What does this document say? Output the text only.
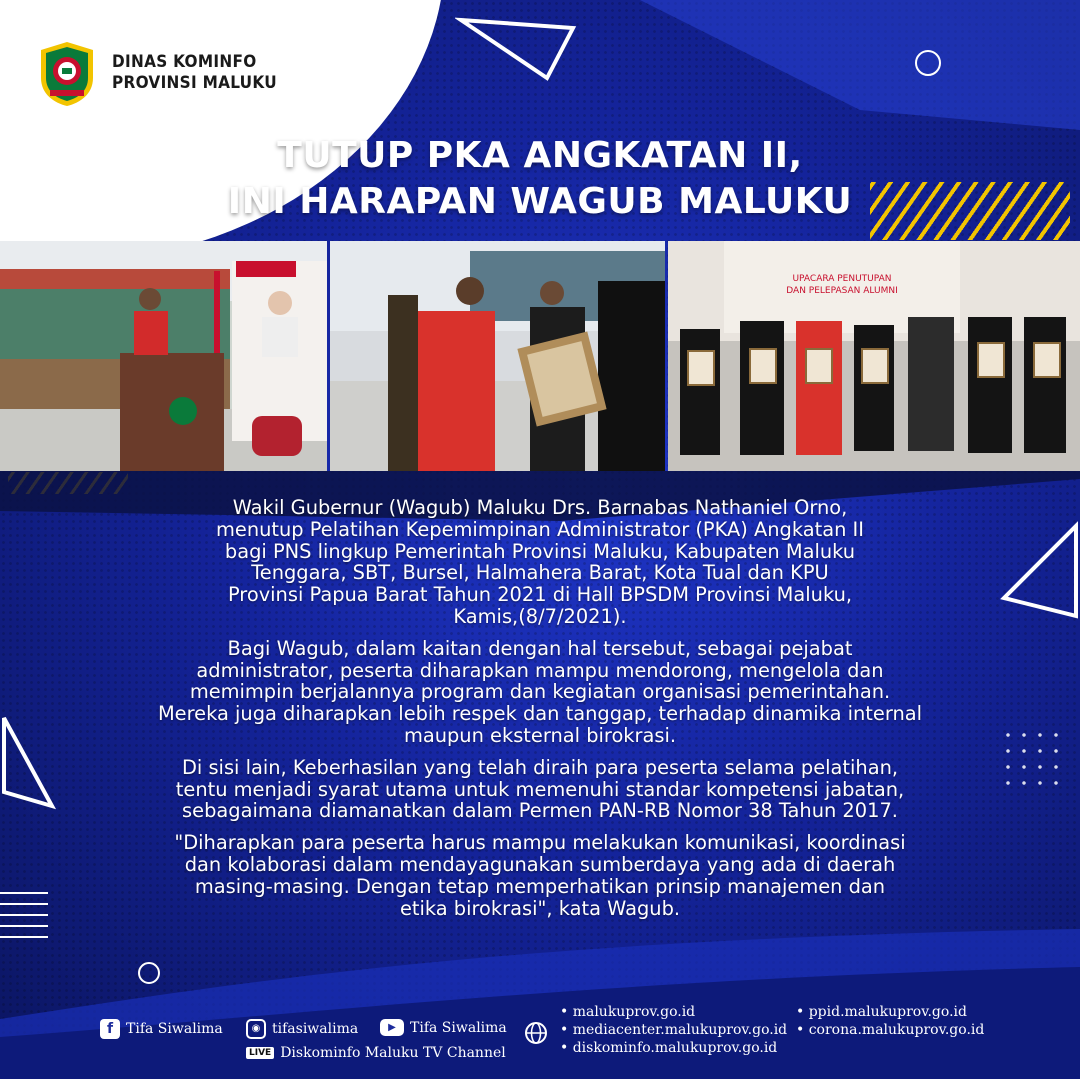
DINAS KOMINFO
PROVINSI MALUKU
TUTUP PKA ANGKATAN II,
INI HARAPAN WAGUB MALUKU
UPACARA PENUTUPAN
DAN PELEPASAN ALUMNI

Wakil Gubernur (Wagub) Maluku Drs. Barnabas Nathaniel Orno,
menutup Pelatihan Kepemimpinan Administrator (PKA) Angkatan II
bagi PNS lingkup Pemerintah Provinsi Maluku, Kabupaten Maluku
Tenggara, SBT, Bursel, Halmahera Barat, Kota Tual dan KPU
Provinsi Papua Barat Tahun 2021 di Hall BPSDM Provinsi Maluku,
Kamis,(8/7/2021).

Bagi Wagub, dalam kaitan dengan hal tersebut, sebagai pejabat
administrator, peserta diharapkan mampu mendorong, mengelola dan
memimpin berjalannya program dan kegiatan organisasi pemerintahan.
Mereka juga diharapkan lebih respek dan tanggap, terhadap dinamika internal
maupun eksternal birokrasi.

Di sisi lain, Keberhasilan yang telah diraih para peserta selama pelatihan,
tentu menjadi syarat utama untuk memenuhi standar kompetensi jabatan,
sebagaimana diamanatkan dalam Permen PAN-RB Nomor 38 Tahun 2017.

"Diharapkan para peserta harus mampu melakukan komunikasi, koordinasi
dan kolaborasi dalam mendayagunakan sumberdaya yang ada di daerah
masing-masing. Dengan tetap memperhatikan prinsip manajemen dan
etika birokrasi", kata Wagub.

f Tifa Siwalima	◉ tifasiwalima	▶	Tifa Siwalima
LIVE Diskominfo Maluku TV Channel
• malukuprov.go.id
• mediacenter.malukuprov.go.id
• diskominfo.malukuprov.go.id
• ppid.malukuprov.go.id
• corona.malukuprov.go.id
